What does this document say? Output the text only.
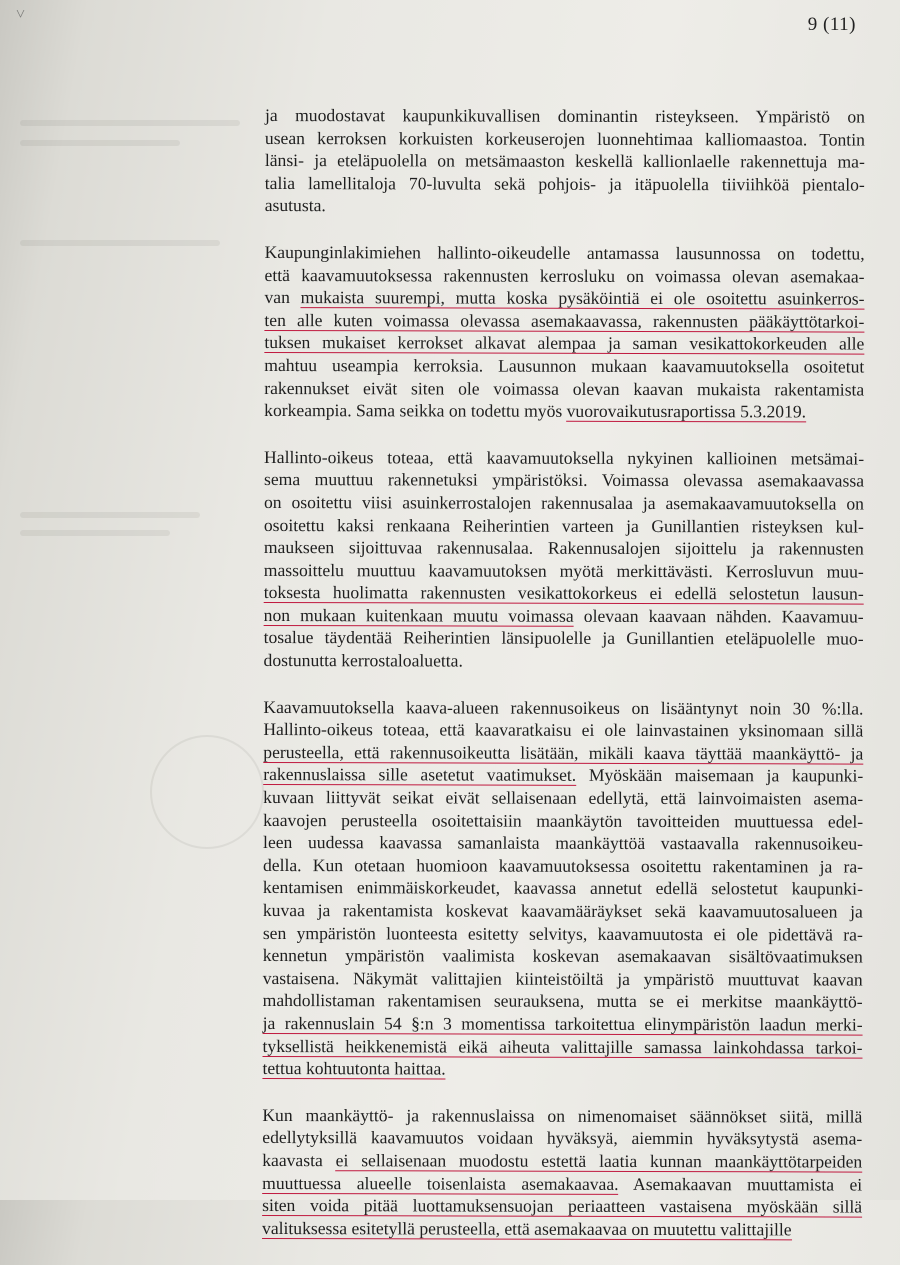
˅	9 (11)
ja muodostavat kaupunkikuvallisen dominantin risteykseen. Ympäristö on
usean kerroksen korkuisten korkeuserojen luonnehtimaa kalliomaastoa. Tontin
länsi- ja eteläpuolella on metsämaaston keskellä kallionlaelle rakennettuja ma-
talia lamellitaloja 70-luvulta sekä pohjois- ja itäpuolella tiiviihköä pientalo-
asutusta.
Kaupunginlakimiehen hallinto-oikeudelle antamassa lausunnossa on todettu,
että kaavamuutoksessa rakennusten kerrosluku on voimassa olevan asemakaa-
van mukaista suurempi, mutta koska pysäköintiä ei ole osoitettu asuinkerros-
ten alle kuten voimassa olevassa asemakaavassa, rakennusten pääkäyttötarkoi-
tuksen mukaiset kerrokset alkavat alempaa ja saman vesikattokorkeuden alle
mahtuu useampia kerroksia. Lausunnon mukaan kaavamuutoksella osoitetut
rakennukset eivät siten ole voimassa olevan kaavan mukaista rakentamista
korkeampia. Sama seikka on todettu myös vuorovaikutusraportissa 5.3.2019.
Hallinto-oikeus toteaa, että kaavamuutoksella nykyinen kallioinen metsämai-
sema muuttuu rakennetuksi ympäristöksi. Voimassa olevassa asemakaavassa
on osoitettu viisi asuinkerrostalojen rakennusalaa ja asemakaavamuutoksella on
osoitettu kaksi renkaana Reiherintien varteen ja Gunillantien risteyksen kul-
maukseen sijoittuvaa rakennusalaa. Rakennusalojen sijoittelu ja rakennusten
massoittelu muuttuu kaavamuutoksen myötä merkittävästi. Kerrosluvun muu-
toksesta huolimatta rakennusten vesikattokorkeus ei edellä selostetun lausun-
non mukaan kuitenkaan muutu voimassa olevaan kaavaan nähden. Kaavamuu-
tosalue täydentää Reiherintien länsipuolelle ja Gunillantien eteläpuolelle muo-
dostunutta kerrostaloaluetta.
Kaavamuutoksella kaava-alueen rakennusoikeus on lisääntynyt noin 30 %:lla.
Hallinto-oikeus toteaa, että kaavaratkaisu ei ole lainvastainen yksinomaan sillä
perusteella, että rakennusoikeutta lisätään, mikäli kaava täyttää maankäyttö- ja
rakennuslaissa sille asetetut vaatimukset. Myöskään maisemaan ja kaupunki-
kuvaan liittyvät seikat eivät sellaisenaan edellytä, että lainvoimaisten asema-
kaavojen perusteella osoitettaisiin maankäytön tavoitteiden muuttuessa edel-
leen uudessa kaavassa samanlaista maankäyttöä vastaavalla rakennusoikeu-
della. Kun otetaan huomioon kaavamuutoksessa osoitettu rakentaminen ja ra-
kentamisen enimmäiskorkeudet, kaavassa annetut edellä selostetut kaupunki-
kuvaa ja rakentamista koskevat kaavamääräykset sekä kaavamuutosalueen ja
sen ympäristön luonteesta esitetty selvitys, kaavamuutosta ei ole pidettävä ra-
kennetun ympäristön vaalimista koskevan asemakaavan sisältövaatimuksen
vastaisena. Näkymät valittajien kiinteistöiltä ja ympäristö muuttuvat kaavan
mahdollistaman rakentamisen seurauksena, mutta se ei merkitse maankäyttö-
ja rakennuslain 54 §:n 3 momentissa tarkoitettua elinympäristön laadun merki-
tyksellistä heikkenemistä eikä aiheuta valittajille samassa lainkohdassa tarkoi-
tettua kohtuutonta haittaa.
Kun maankäyttö- ja rakennuslaissa on nimenomaiset säännökset siitä, millä
edellytyksillä kaavamuutos voidaan hyväksyä, aiemmin hyväksytystä asema-
kaavasta ei sellaisenaan muodostu estettä laatia kunnan maankäyttötarpeiden
muuttuessa alueelle toisenlaista asemakaavaa. Asemakaavan muuttamista ei
siten voida pitää luottamuksensuojan periaatteen vastaisena myöskään sillä
valituksessa esitetyllä perusteella, että asemakaavaa on muutettu valittajille
